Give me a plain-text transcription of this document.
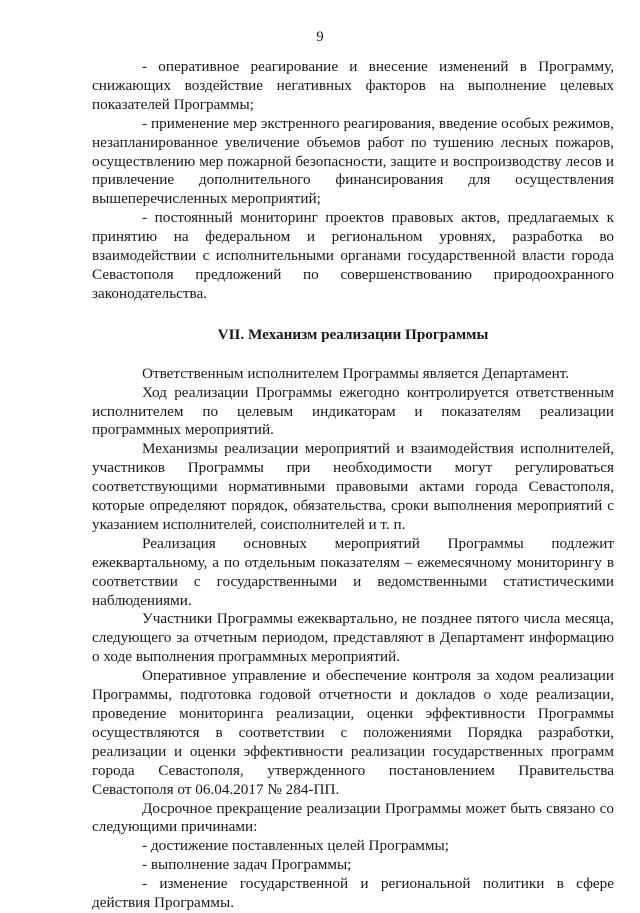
9

- оперативное реагирование и внесение изменений в Программу, снижающих воздействие негативных факторов на выполнение целевых показателей Программы;

- применение мер экстренного реагирования, введение особых режимов, незапланированное увеличение объемов работ по тушению лесных пожаров, осуществлению мер пожарной безопасности, защите и воспроизводству лесов и привлечение дополнительного финансирования для осуществления вышеперечисленных мероприятий;

- постоянный мониторинг проектов правовых актов, предлагаемых к принятию на федеральном и региональном уровнях, разработка во взаимодействии с исполнительными органами государственной власти города Севастополя предложений по совершенствованию природоохранного законодательства.

VII. Механизм реализации Программы

Ответственным исполнителем Программы является Департамент.

Ход реализации Программы ежегодно контролируется ответственным исполнителем по целевым индикаторам и показателям реализации программных мероприятий.

Механизмы реализации мероприятий и взаимодействия исполнителей, участников Программы при необходимости могут регулироваться соответствующими нормативными правовыми актами города Севастополя, которые определяют порядок, обязательства, сроки выполнения мероприятий с указанием исполнителей, соисполнителей и т. п.

Реализация основных мероприятий Программы подлежит ежеквартальному, а по отдельным показателям – ежемесячному мониторингу в соответствии с государственными и ведомственными статистическими наблюдениями.

Участники Программы ежеквартально, не позднее пятого числа месяца, следующего за отчетным периодом, представляют в Департамент информацию о ходе выполнения программных мероприятий.

Оперативное управление и обеспечение контроля за ходом реализации Программы, подготовка годовой отчетности и докладов о ходе реализации, проведение мониторинга реализации, оценки эффективности Программы осуществляются в соответствии с положениями Порядка разработки, реализации и оценки эффективности реализации государственных программ города Севастополя, утвержденного постановлением Правительства Севастополя от 06.04.2017 № 284-ПП.

Досрочное прекращение реализации Программы может быть связано со следующими причинами:

- достижение поставленных целей Программы;

- выполнение задач Программы;

- изменение государственной и региональной политики в сфере действия Программы.
